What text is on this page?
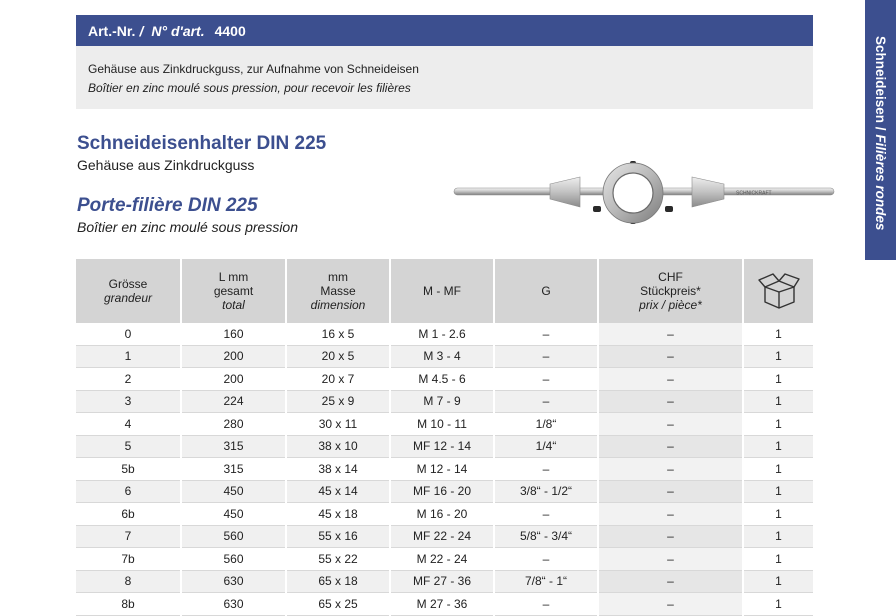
Art.-Nr. / N° d'art. 4400
Gehäuse aus Zinkdruckguss, zur Aufnahme von Schneideisen
Boîtier en zinc moulé sous pression, pour recevoir les filières	Schneideisen / Filières rondes
Schneideisenhalter DIN 225
Gehäuse aus Zinkdruckguss
Porte-filière DIN 225
Boîtier en zinc moulé sous pression
SCHNICKRAFT
Grösse
grandeur	L mm
gesamt
total	mm
Masse
dimension	M - MF	G	CHF
Stückpreis*
prix / pièce*	
0	160	16 x 5	M 1 - 2.6	–	–	1
1	200	20 x 5	M 3 - 4	–	–	1
2	200	20 x 7	M 4.5 - 6	–	–	1
3	224	25 x 9	M 7 - 9	–	–	1
4	280	30 x 11	M 10 - 11	1/8“	–	1
5	315	38 x 10	MF 12 - 14	1/4“	–	1
5b	315	38 x 14	M 12 - 14	–	–	1
6	450	45 x 14	MF 16 - 20	3/8“ - 1/2“	–	1
6b	450	45 x 18	M 16 - 20	–	–	1
7	560	55 x 16	MF 22 - 24	5/8“ - 3/4“	–	1
7b	560	55 x 22	M 22 - 24	–	–	1
8	630	65 x 18	MF 27 - 36	7/8“ - 1“	–	1
8b	630	65 x 25	M 27 - 36	–	–	1
